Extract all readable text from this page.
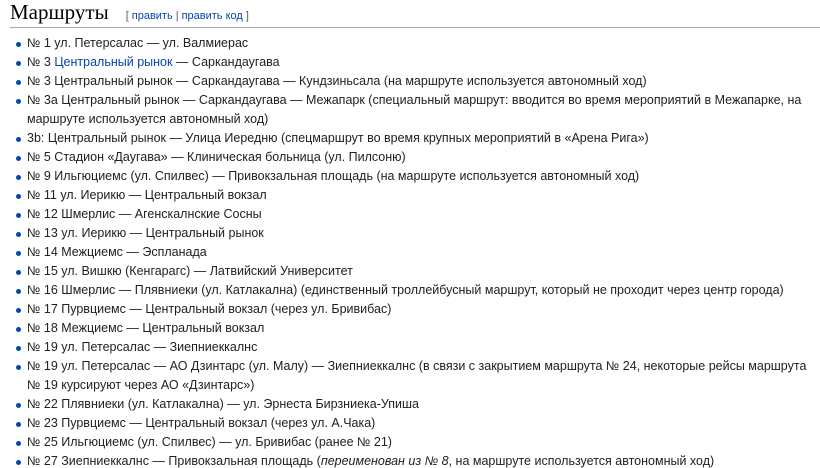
Маршруты [ править | править код ]
№ 1 ул. Петерсалас — ул. Валмиерас
№ 3 Центральный рынок — Саркандаугава
№ 3 Центральный рынок — Саркандаугава — Кундзиньсала (на маршруте используется автономный ход)
№ 3а Центральный рынок — Саркандаугава — Межапарк (специальный маршрут: вводится во время мероприятий в Межапарке, на маршруте используется автономный ход)
3b: Центральный рынок — Улица Иередню (спецмаршрут во время крупных мероприятий в «Арена Рига»)
№ 5 Стадион «Даугава» — Клиническая больница (ул. Пилсоню)
№ 9 Ильгюциемс (ул. Спилвес) — Привокзальная площадь (на маршруте используется автономный ход)
№ 11 ул. Иерикю — Центральный вокзал
№ 12 Шмерлис — Агенскалнские Сосны
№ 13 ул. Иерикю — Центральный рынок
№ 14 Межциемс — Эспланада
№ 15 ул. Вишкю (Кенгарагс) — Латвийский Университет
№ 16 Шмерлис — Плявниеки (ул. Катлакална) (единственный троллейбусный маршрут, который не проходит через центр города)
№ 17 Пурвциемс — Центральный вокзал (через ул. Бривибас)
№ 18 Межциемс — Центральный вокзал
№ 19 ул. Петерсалас — Зиепниеккалнс
№ 19 ул. Петерсалас — АО Дзинтарс (ул. Малу) — Зиепниеккалнс (в связи с закрытием маршрута № 24, некоторые рейсы маршрута № 19 курсируют через АО «Дзинтарс»)
№ 22 Плявниеки (ул. Катлакална) — ул. Эрнеста Бирзниека-Упиша
№ 23 Пурвциемс — Центральный вокзал (через ул. А.Чака)
№ 25 Ильгюциемс (ул. Спилвес) — ул. Бривибас (ранее № 21)
№ 27 Зиепниеккалнс — Привокзальная площадь (переименован из № 8, на маршруте используется автономный ход)
